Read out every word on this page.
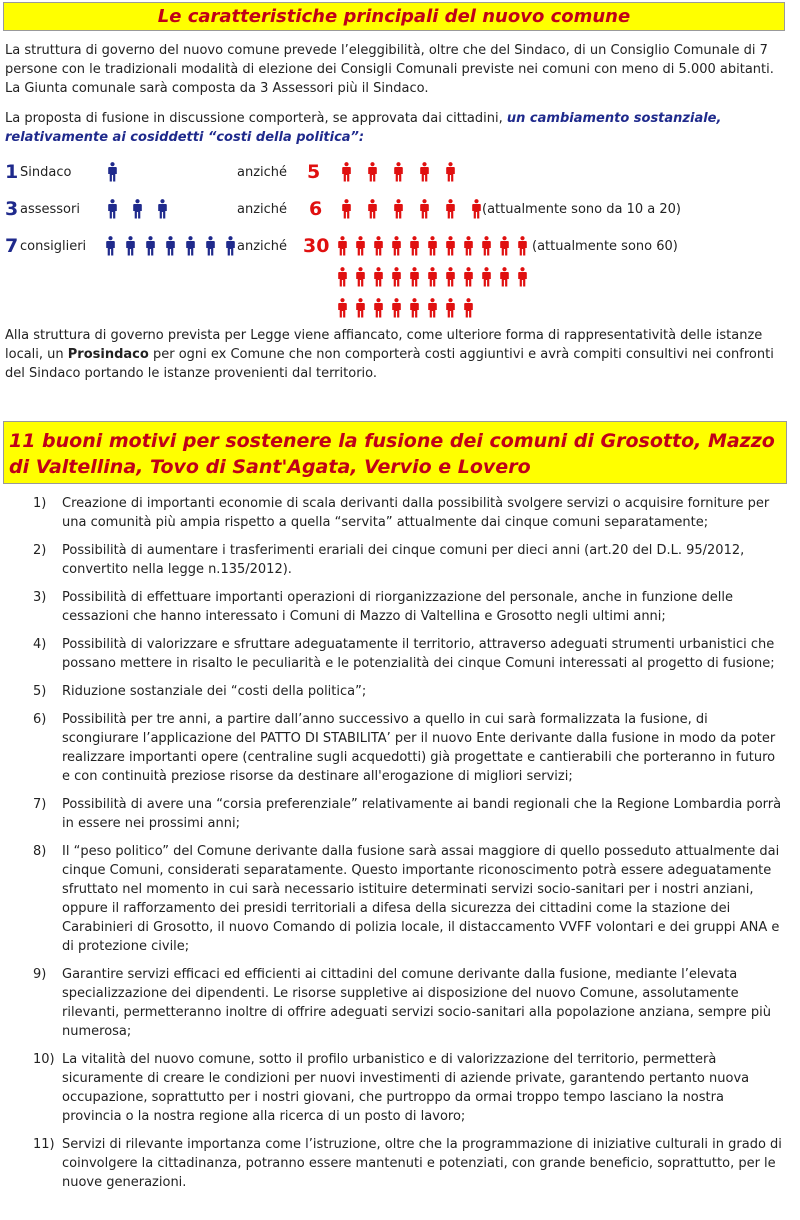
Le caratteristiche principali del nuovo comune

La struttura di governo del nuovo comune prevede l’eleggibilità, oltre che del Sindaco, di un Consiglio Comunale di 7 persone con le tradizionali modalità di elezione dei Consigli Comunali previste nei comuni con meno di 5.000 abitanti. La Giunta comunale sarà composta da 3 Assessori più il Sindaco.

La proposta di fusione in discussione comporterà, se approvata dai cittadini, un cambiamento sostanziale, relativamente ai cosiddetti “costi della politica”:

1 Sindaco	anziché 5
3 assessori	anziché 6	(attualmente sono da 10 a 20)
7 consiglieri	anziché 30	(attualmente sono 60)

Alla struttura di governo prevista per Legge viene affiancato, come ulteriore forma di rappresentatività delle istanze locali, un Prosindaco per ogni ex Comune che non comporterà costi aggiuntivi e avrà compiti consultivi nei confronti del Sindaco portando le istanze provenienti dal territorio.

11 buoni motivi per sostenere la fusione dei comuni di Grosotto, Mazzo di Valtellina, Tovo di Sant'Agata, Vervio e Lovero
1) Creazione di importanti economie di scala derivanti dalla possibilità svolgere servizi o acquisire forniture per una comunità più ampia rispetto a quella “servita” attualmente dai cinque comuni separatamente;
2) Possibilità di aumentare i trasferimenti erariali dei cinque comuni per dieci anni (art.20 del D.L. 95/2012, convertito nella legge n.135/2012).
3) Possibilità di effettuare importanti operazioni di riorganizzazione del personale, anche in funzione delle cessazioni che hanno interessato i Comuni di Mazzo di Valtellina e Grosotto negli ultimi anni;
4) Possibilità di valorizzare e sfruttare adeguatamente il territorio, attraverso adeguati strumenti urbanistici che possano mettere in risalto le peculiarità e le potenzialità dei cinque Comuni interessati al progetto di fusione;
5) Riduzione sostanziale dei “costi della politica”;
6) Possibilità per tre anni, a partire dall’anno successivo a quello in cui sarà formalizzata la fusione, di scongiurare l’applicazione del PATTO DI STABILITA’ per il nuovo Ente derivante dalla fusione in modo da poter realizzare importanti opere (centraline sugli acquedotti) già progettate e cantierabili che porteranno in futuro e con continuità preziose risorse da destinare all'erogazione di migliori servizi;
7) Possibilità di avere una “corsia preferenziale” relativamente ai bandi regionali che la Regione Lombardia porrà in essere nei prossimi anni;
8) Il “peso politico” del Comune derivante dalla fusione sarà assai maggiore di quello posseduto attualmente dai cinque Comuni, considerati separatamente. Questo importante riconoscimento potrà essere adeguatamente sfruttato nel momento in cui sarà necessario istituire determinati servizi socio-sanitari per i nostri anziani, oppure il rafforzamento dei presidi territoriali a difesa della sicurezza dei cittadini come la stazione dei Carabinieri di Grosotto, il nuovo Comando di polizia locale, il distaccamento VVFF volontari e dei gruppi ANA e di protezione civile;
9) Garantire servizi efficaci ed efficienti ai cittadini del comune derivante dalla fusione, mediante l’elevata specializzazione dei dipendenti. Le risorse suppletive ai disposizione del nuovo Comune, assolutamente rilevanti, permetteranno inoltre di offrire adeguati servizi socio-sanitari alla popolazione anziana, sempre più numerosa;
10) La vitalità del nuovo comune, sotto il profilo urbanistico e di valorizzazione del territorio, permetterà sicuramente di creare le condizioni per nuovi investimenti di aziende private, garantendo pertanto nuova occupazione, soprattutto per i nostri giovani, che purtroppo da ormai troppo tempo lasciano la nostra provincia o la nostra regione alla ricerca di un posto di lavoro;
11) Servizi di rilevante importanza come l’istruzione, oltre che la programmazione di iniziative culturali in grado di coinvolgere la cittadinanza, potranno essere mantenuti e potenziati, con grande beneficio, soprattutto, per le nuove generazioni.
